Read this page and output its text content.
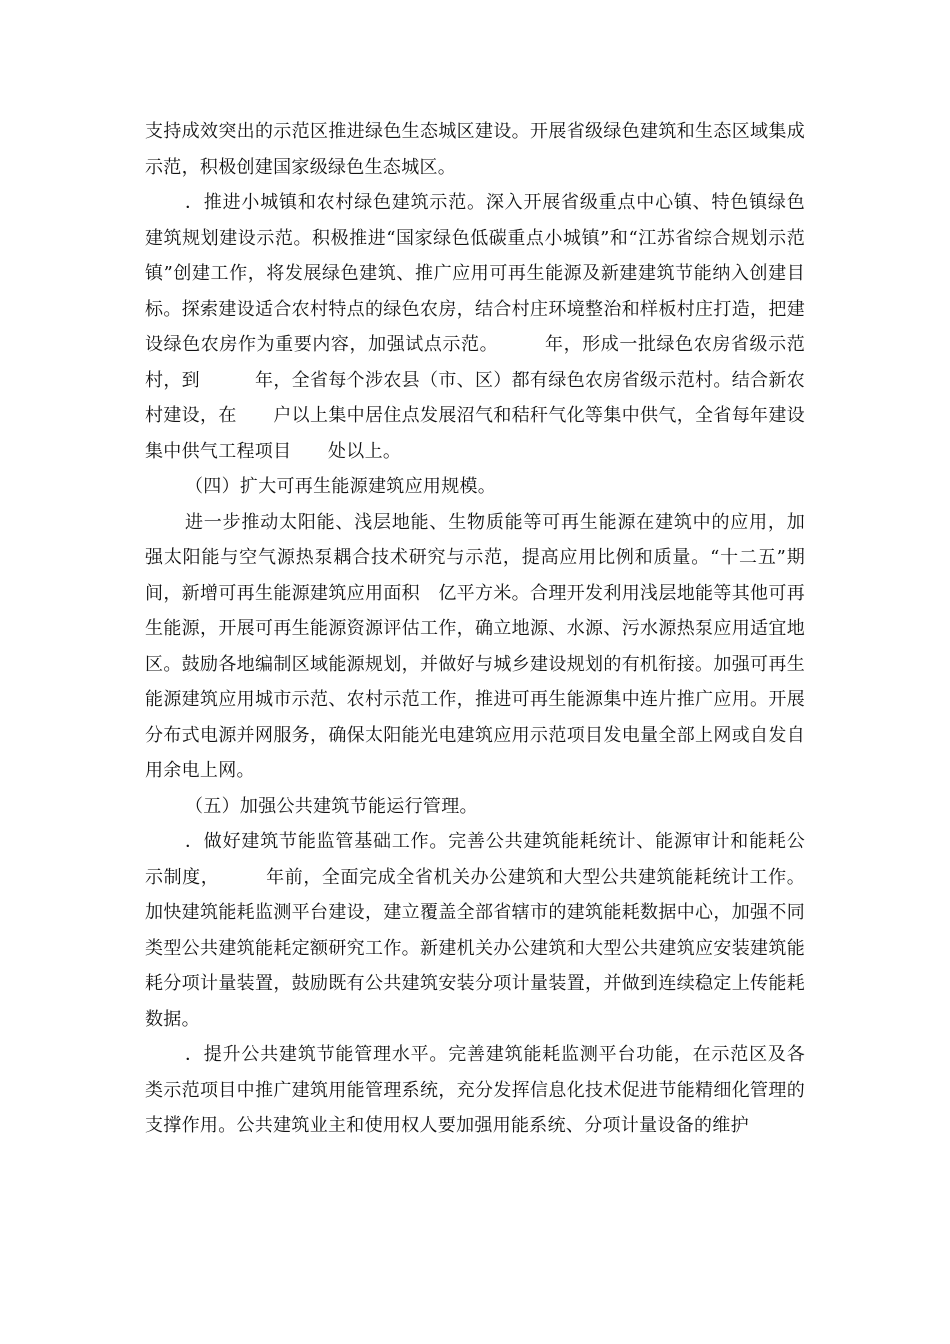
支持成效突出的示范区推进绿色生态城区建设。开展省级绿色建筑和生态区域集成示范，积极创建国家级绿色生态城区。

．推进小城镇和农村绿色建筑示范。深入开展省级重点中心镇、特色镇绿色建筑规划建设示范。积极推进“国家绿色低碳重点小城镇”和“江苏省综合规划示范镇”创建工作，将发展绿色建筑、推广应用可再生能源及新建建筑节能纳入创建目标。探索建设适合农村特点的绿色农房，结合村庄环境整治和样板村庄打造，把建设绿色农房作为重要内容，加强试点示范。　　　年，形成一批绿色农房省级示范村，到　　　年，全省每个涉农县（市、区）都有绿色农房省级示范村。结合新农村建设，在　　户以上集中居住点发展沼气和秸秆气化等集中供气，全省每年建设集中供气工程项目　　处以上。

（四）扩大可再生能源建筑应用规模。

进一步推动太阳能、浅层地能、生物质能等可再生能源在建筑中的应用，加强太阳能与空气源热泵耦合技术研究与示范，提高应用比例和质量。“十二五”期间，新增可再生能源建筑应用面积　亿平方米。合理开发利用浅层地能等其他可再生能源，开展可再生能源资源评估工作，确立地源、水源、污水源热泵应用适宜地区。鼓励各地编制区域能源规划，并做好与城乡建设规划的有机衔接。加强可再生能源建筑应用城市示范、农村示范工作，推进可再生能源集中连片推广应用。开展分布式电源并网服务，确保太阳能光电建筑应用示范项目发电量全部上网或自发自用余电上网。

（五）加强公共建筑节能运行管理。

．做好建筑节能监管基础工作。完善公共建筑能耗统计、能源审计和能耗公示制度，　　　年前，全面完成全省机关办公建筑和大型公共建筑能耗统计工作。加快建筑能耗监测平台建设，建立覆盖全部省辖市的建筑能耗数据中心，加强不同类型公共建筑能耗定额研究工作。新建机关办公建筑和大型公共建筑应安装建筑能耗分项计量装置，鼓励既有公共建筑安装分项计量装置，并做到连续稳定上传能耗数据。

．提升公共建筑节能管理水平。完善建筑能耗监测平台功能，在示范区及各类示范项目中推广建筑用能管理系统，充分发挥信息化技术促进节能精细化管理的支撑作用。公共建筑业主和使用权人要加强用能系统、分项计量设备的维护
